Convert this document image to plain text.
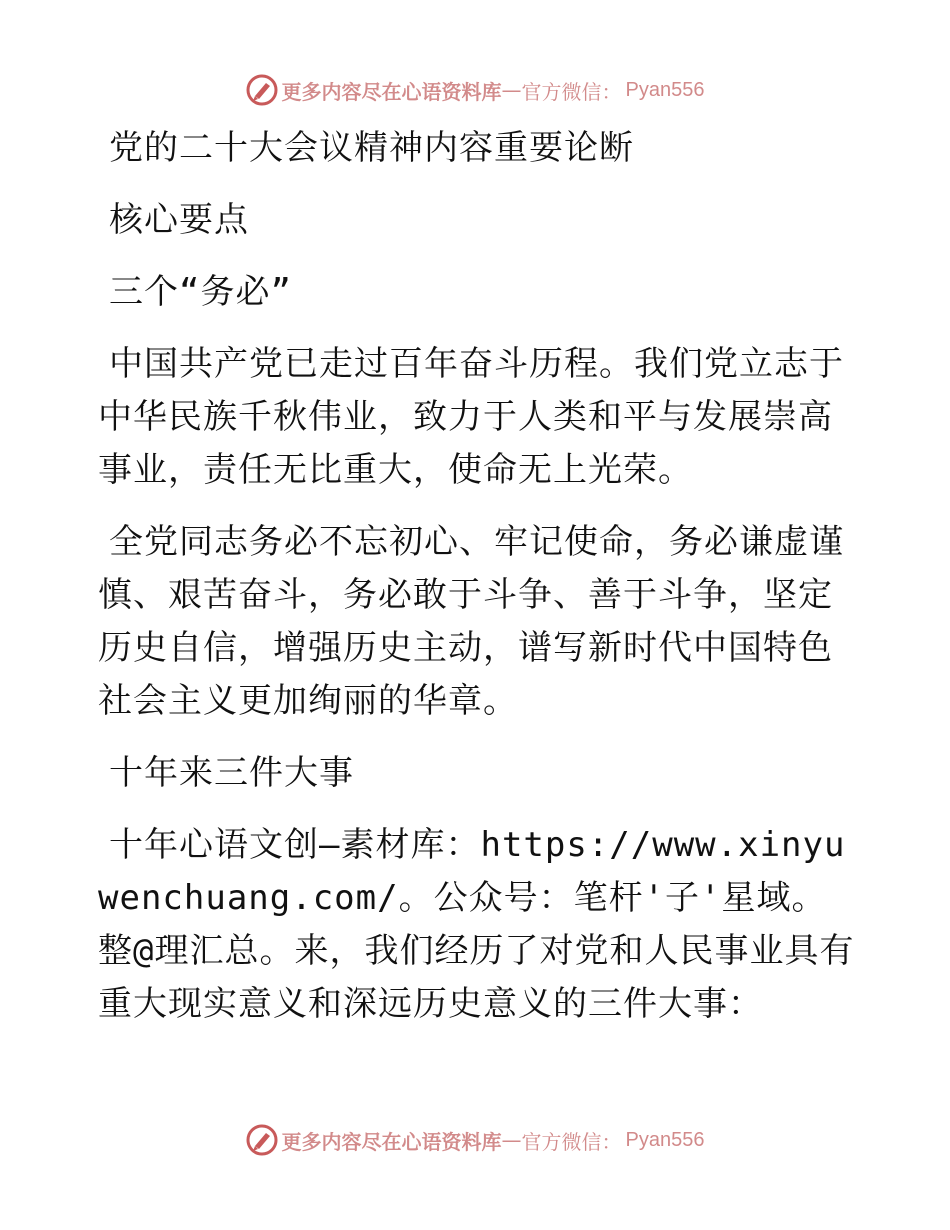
更多内容尽在心语资料库 — 官方微信： Pyan556

党的二十大会议精神内容重要论断

核心要点

三个“务必”

中国共产党已走过百年奋斗历程。我们党立志于中华民族千秋伟业，致力于人类和平与发展崇高事业，责任无比重大，使命无上光荣。

全党同志务必不忘初心、牢记使命，务必谦虚谨慎、艰苦奋斗，务必敢于斗争、善于斗争，坚定历史自信，增强历史主动，谱写新时代中国特色社会主义更加绚丽的华章。

十年来三件大事

十年心语文创—素材库：https://www.xinyuwenchuang.com/。公众号：笔杆'子'星域。整@理汇总。来，我们经历了对党和人民事业具有重大现实意义和深远历史意义的三件大事：

更多内容尽在心语资料库 — 官方微信： Pyan556
